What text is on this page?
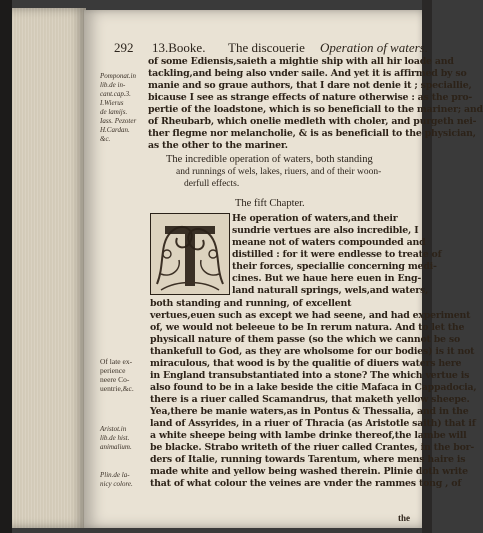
292 13.Booke. The discouerie Operation of waters.
of some Ediensis,saieth a mightie ship with all hir loade and
tackling,and being also vnder saile. And yet it is affirmed by so
manie and so graue authors, that I dare not denie it ; speciallie,
bicause I see as strange effects of nature otherwise : as the pro-
pertie of the loadstone, which is so beneficiall to the mariner; and
of Rheubarb, which onelie medleth with choler, and purgeth nei-
ther flegme nor melancholie, & is as beneficiall to the physician,
as the other to the mariner.
Pomponat.in
lib.de in-
cant.cap.3.
I.Wierus
de lamijs.
Iass. Pezoter
H.Cardan.
&c.
The incredible operation of waters, both standing
and runnings of wels, lakes, riuers, and of their woon-
derfull effects.
The fift Chapter.
He operation of waters,and their
sundrie vertues are also incredible, I
meane not of waters compounded and
distilled : for it were endlesse to treate of
their forces, speciallie concerning medi-
cines. But we haue here euen in Eng-
land naturall springs, wels,and waters,
both standing and running, of excellent
vertues,euen such as except we had seene, and had experiment
of, we would not beleeue to be In rerum natura. And to let the
physicall nature of them passe (so the which we cannot be so
thankefull to God, as they are wholsome for our bodies) is it not
miraculous, that wood is by the qualitie of diuers waters here
in England transubstantiated into a stone? The which vertue is
also found to be in a lake beside the citie Mafaca in Cappadocia,
there is a riuer called Scamandrus, that maketh yellow sheepe.
Yea,there be manie waters,as in Pontus & Thessalia, and in the
land of Assyrides, in a riuer of Thracia (as Aristotle saith) that if
a white sheepe being with lambe drinke thereof,the lambe will
be blacke. Strabo writeth of the riuer called Crantes, in the bor-
ders of Italie, running towards Tarentum, where mens haire is
made white and yellow being washed therein. Plinie doth write
that of what colour the veines are vnder the rammes tong , of
Of late ex-
perience
neere Co-
uentrie,&c.
Aristot.in
lib.de hist.
animalium.
Plin.de la-
nicy colore.
the
